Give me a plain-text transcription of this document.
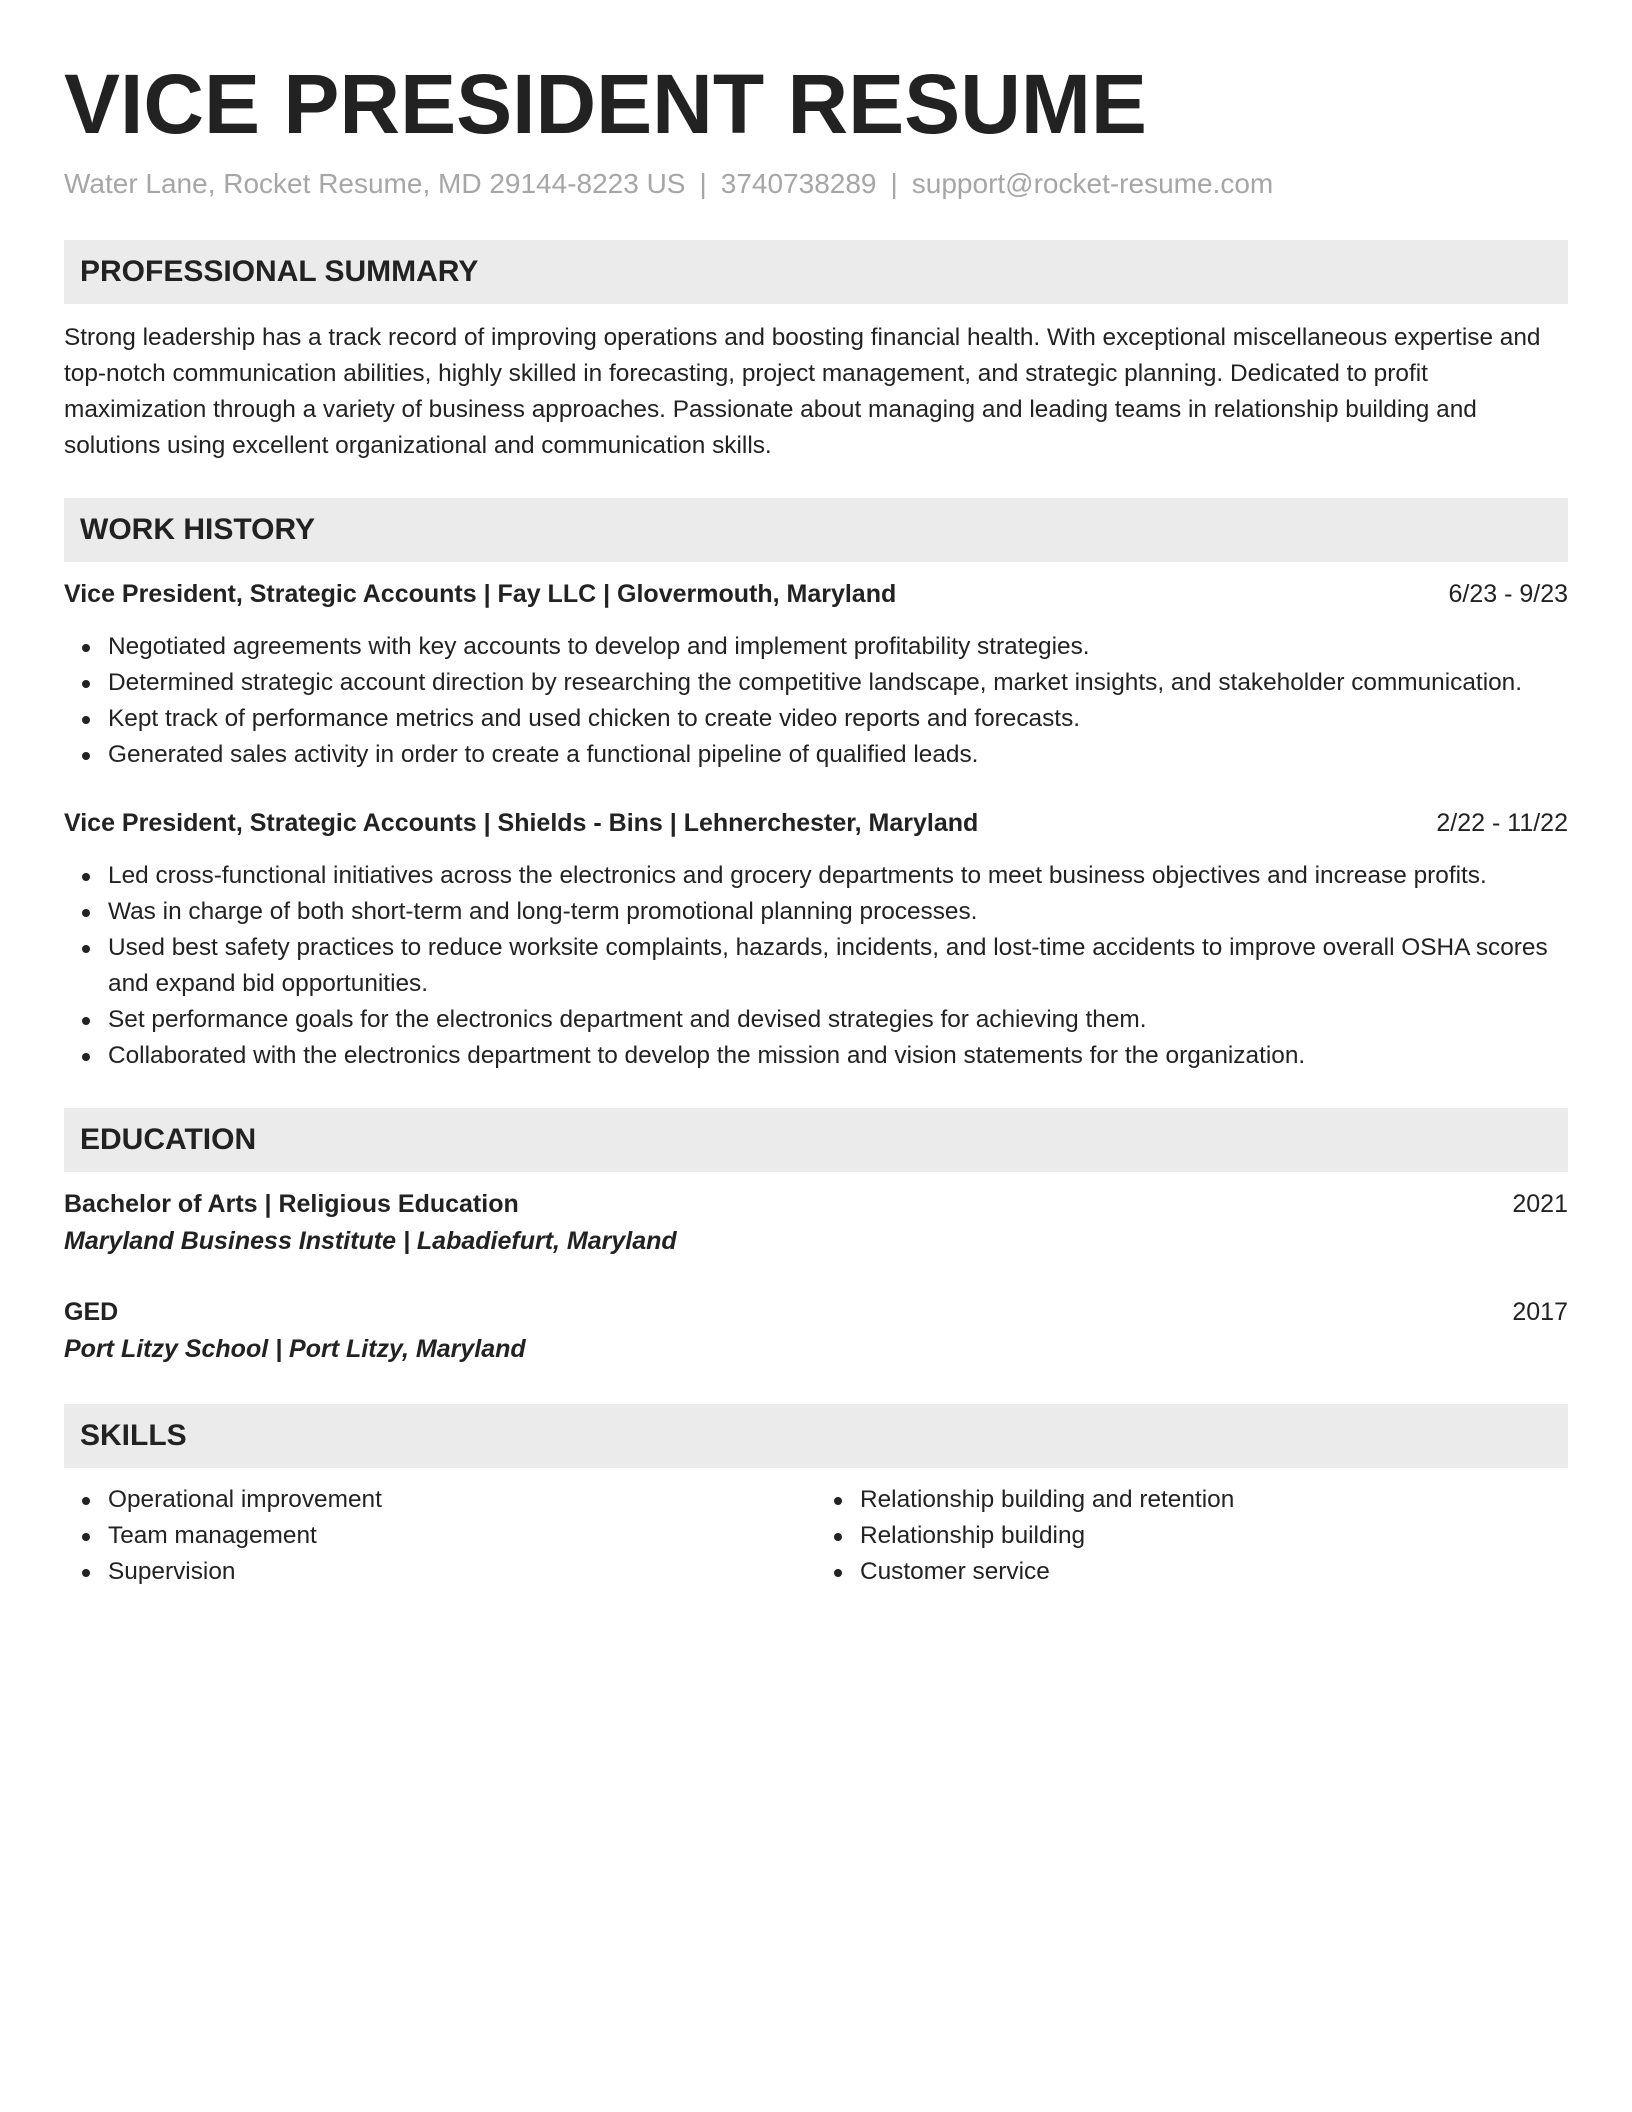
VICE PRESIDENT RESUME
Water Lane, Rocket Resume, MD 29144-8223 US | 3740738289 | support@rocket-resume.com
PROFESSIONAL SUMMARY

Strong leadership has a track record of improving operations and boosting financial health. With exceptional miscellaneous expertise and top-notch communication abilities, highly skilled in forecasting, project management, and strategic planning. Dedicated to profit maximization through a variety of business approaches. Passionate about managing and leading teams in relationship building and solutions using excellent organizational and communication skills.

WORK HISTORY
Vice President, Strategic Accounts | Fay LLC | Glovermouth, Maryland	6/23 - 9/23
Negotiated agreements with key accounts to develop and implement profitability strategies.
Determined strategic account direction by researching the competitive landscape, market insights, and stakeholder communication.
Kept track of performance metrics and used chicken to create video reports and forecasts.
Generated sales activity in order to create a functional pipeline of qualified leads.
Vice President, Strategic Accounts | Shields - Bins | Lehnerchester, Maryland	2/22 - 11/22
Led cross-functional initiatives across the electronics and grocery departments to meet business objectives and increase profits.
Was in charge of both short-term and long-term promotional planning processes.
Used best safety practices to reduce worksite complaints, hazards, incidents, and lost-time accidents to improve overall OSHA scores and expand bid opportunities.
Set performance goals for the electronics department and devised strategies for achieving them.
Collaborated with the electronics department to develop the mission and vision statements for the organization.
EDUCATION
Bachelor of Arts | Religious Education	2021
Maryland Business Institute | Labadiefurt, Maryland
GED	2017
Port Litzy School | Port Litzy, Maryland
SKILLS
Operational improvement
Team management
Supervision
Relationship building and retention
Relationship building
Customer service
